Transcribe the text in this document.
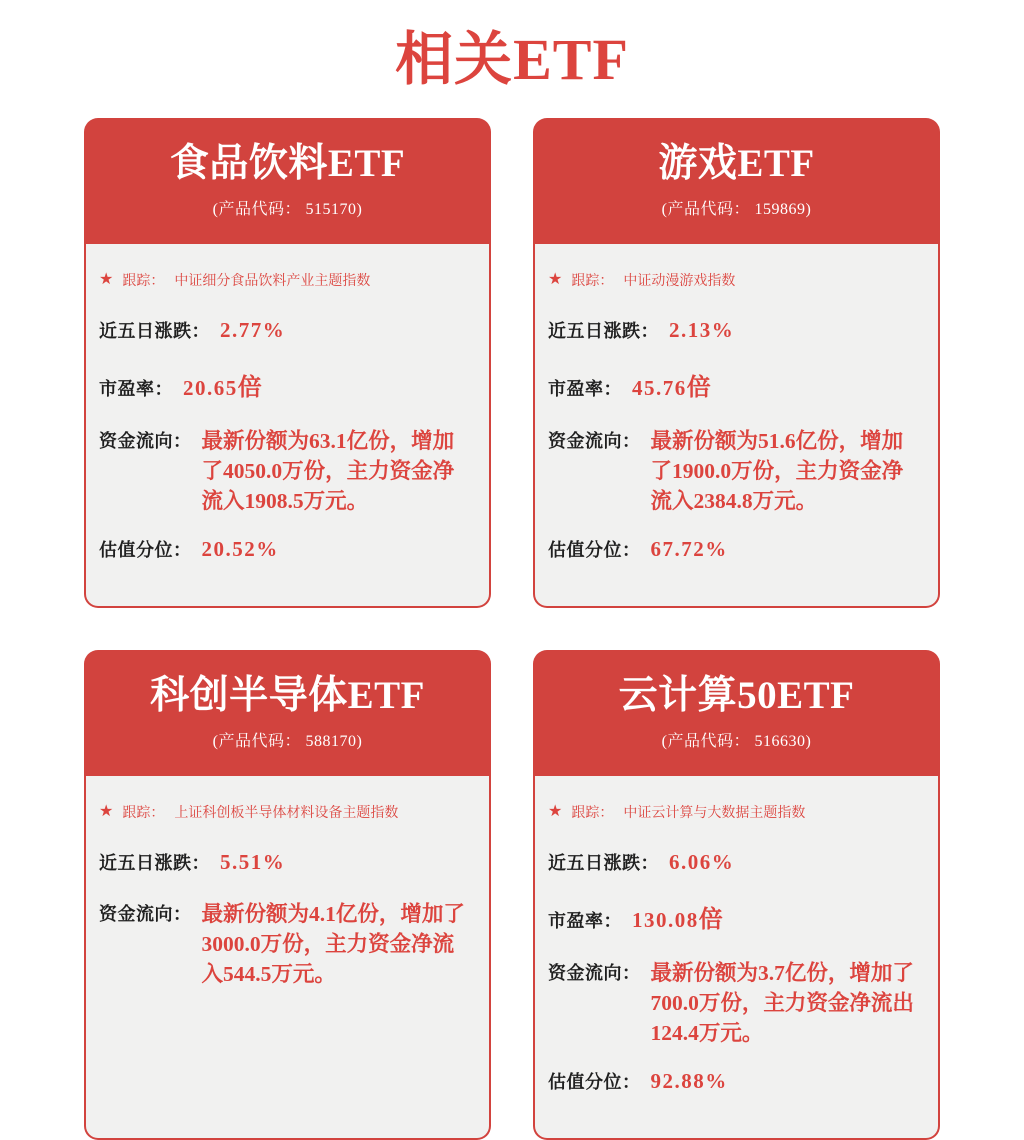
相关ETF
食品饮料ETF
(产品代码： 515170)
★ 跟踪： 中证细分食品饮料产业主题指数
近五日涨跌： 2.77%
市盈率： 20.65 倍
资金流向： 最新份额为63.1亿份，增加了4050.0万份，主力资金净流入1908.5万元。

估值分位： 20.52%
游戏ETF
(产品代码： 159869)
★ 跟踪： 中证动漫游戏指数
近五日涨跌： 2.13%
市盈率： 45.76 倍
资金流向： 最新份额为51.6亿份，增加了1900.0万份，主力资金净流入2384.8万元。

估值分位： 67.72%
科创半导体ETF
(产品代码： 588170)
★ 跟踪： 上证科创板半导体材料设备主题指数
近五日涨跌： 5.51%
资金流向： 最新份额为4.1亿份，增加了3000.0万份，主力资金净流入544.5万元。

云计算50ETF
(产品代码： 516630)
★ 跟踪： 中证云计算与大数据主题指数
近五日涨跌： 6.06%
市盈率： 130.08 倍
资金流向： 最新份额为3.7亿份，增加了700.0万份，主力资金净流出124.4万元。

估值分位： 92.88%
